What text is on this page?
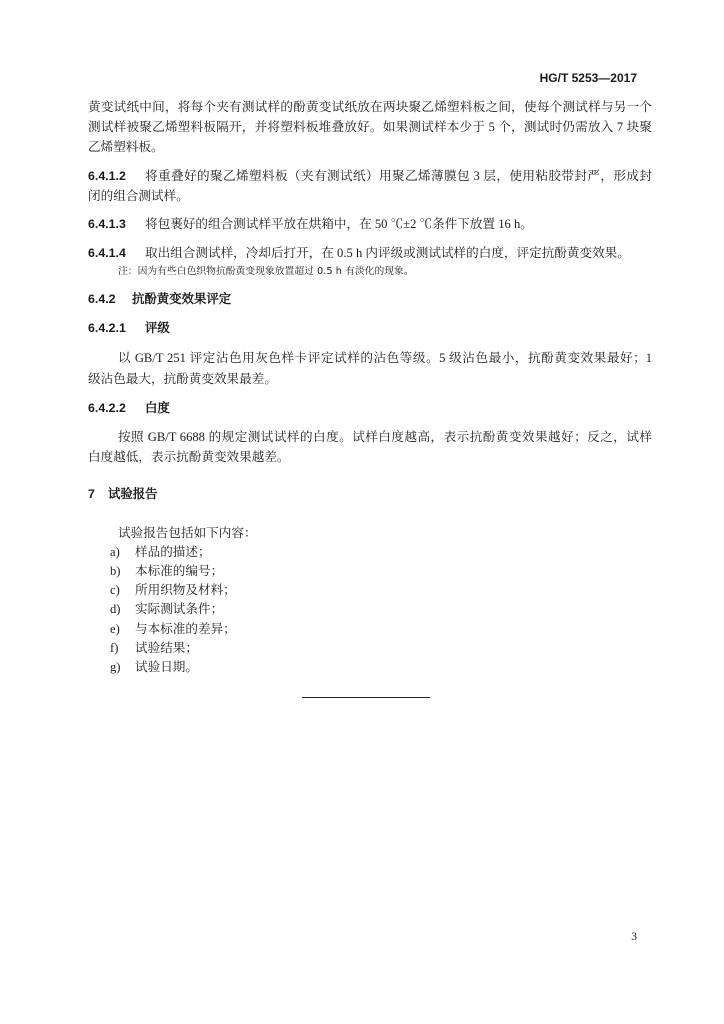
HG/T 5253—2017
黄变试纸中间，将每个夹有测试样的酚黄变试纸放在两块聚乙烯塑料板之间，使每个测试样与另一个
测试样被聚乙烯塑料板隔开，并将塑料板堆叠放好。如果测试样本少于 5 个，测试时仍需放入 7 块聚
乙烯塑料板。
6.4.1.2 将重叠好的聚乙烯塑料板（夹有测试纸）用聚乙烯薄膜包 3 层，使用粘胶带封严，形成封
闭的组合测试样。
6.4.1.3 将包裹好的组合测试样平放在烘箱中，在 50 ℃±2 ℃条件下放置 16 h。
6.4.1.4 取出组合测试样，冷却后打开，在 0.5 h 内评级或测试试样的白度，评定抗酚黄变效果。
注：因为有些白色织物抗酚黄变现象放置超过 0.5 h 有淡化的现象。
6.4.2 抗酚黄变效果评定
6.4.2.1 评级
以 GB/T 251 评定沾色用灰色样卡评定试样的沾色等级。5 级沾色最小，抗酚黄变效果最好；1
级沾色最大，抗酚黄变效果最差。
6.4.2.2 白度
按照 GB/T 6688 的规定测试试样的白度。试样白度越高，表示抗酚黄变效果越好；反之，试样
白度越低，表示抗酚黄变效果越差。
7 试验报告
试验报告包括如下内容：
a) 样品的描述；
b) 本标准的编号；
c) 所用织物及材料；
d) 实际测试条件；
e) 与本标准的差异；
f) 试验结果；
g) 试验日期。
3
